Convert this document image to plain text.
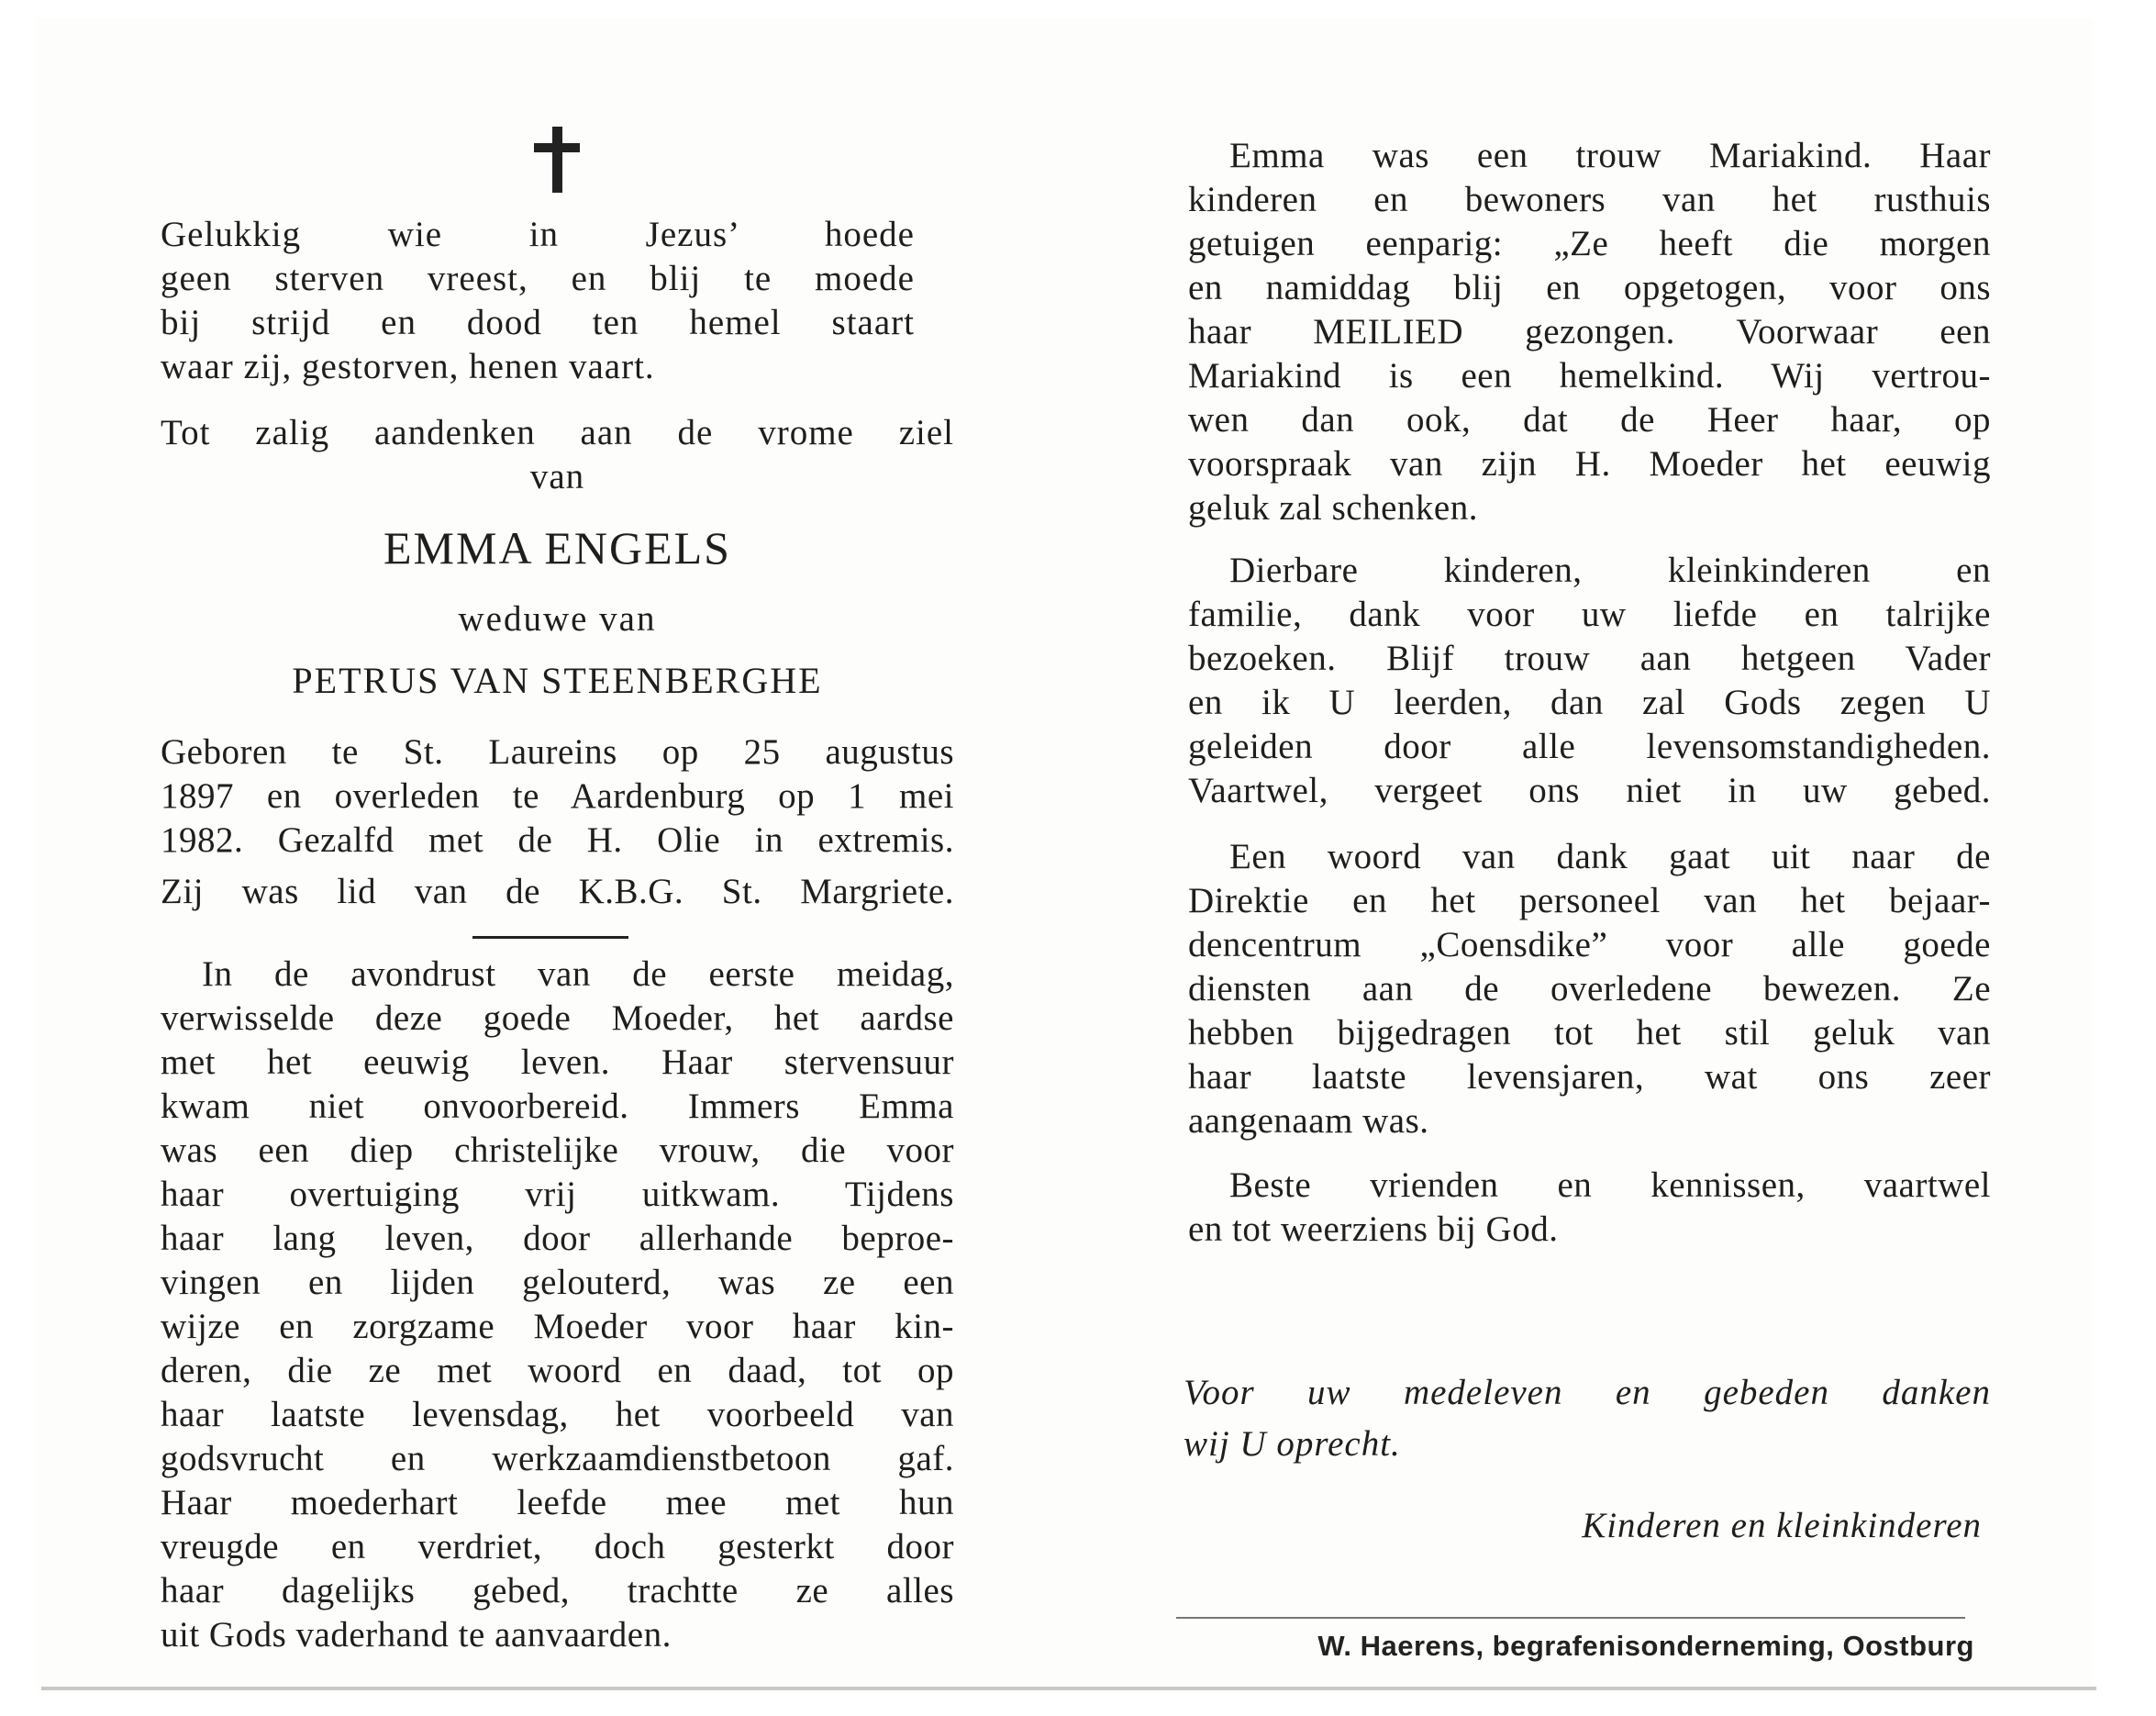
Gelukkig wie in Jezus’ hoede
geen sterven vreest, en blij te moede
bij strijd en dood ten hemel staart
waar zij, gestorven, henen vaart.
Tot zalig aandenken aan de vrome ziel
van
EMMA ENGELS
weduwe van
PETRUS VAN STEENBERGHE
Geboren te St. Laureins op 25 augustus
1897 en overleden te Aardenburg op 1 mei
1982. Gezalfd met de H. Olie in extremis.
Zij was lid van de K.B.G. St. Margriete.
In de avondrust van de eerste meidag,
verwisselde deze goede Moeder, het aardse
met het eeuwig leven. Haar stervensuur
kwam niet onvoorbereid. Immers Emma
was een diep christelijke vrouw, die voor
haar overtuiging vrij uitkwam. Tijdens
haar lang leven, door allerhande beproe-
vingen en lijden gelouterd, was ze een
wijze en zorgzame Moeder voor haar kin-
deren, die ze met woord en daad, tot op
haar laatste levensdag, het voorbeeld van
godsvrucht en werkzaamdienstbetoon gaf.
Haar moederhart leefde mee met hun
vreugde en verdriet, doch gesterkt door
haar dagelijks gebed, trachtte ze alles
uit Gods vaderhand te aanvaarden.
Emma was een trouw Mariakind. Haar
kinderen en bewoners van het rusthuis
getuigen eenparig: „Ze heeft die morgen
en namiddag blij en opgetogen, voor ons
haar MEILIED gezongen. Voorwaar een
Mariakind is een hemelkind. Wij vertrou-
wen dan ook, dat de Heer haar, op
voorspraak van zijn H. Moeder het eeuwig
geluk zal schenken.
Dierbare kinderen, kleinkinderen en
familie, dank voor uw liefde en talrijke
bezoeken. Blijf trouw aan hetgeen Vader
en ik U leerden, dan zal Gods zegen U
geleiden door alle levensomstandigheden.
Vaartwel, vergeet ons niet in uw gebed.
Een woord van dank gaat uit naar de
Direktie en het personeel van het bejaar-
dencentrum „Coensdike” voor alle goede
diensten aan de overledene bewezen. Ze
hebben bijgedragen tot het stil geluk van
haar laatste levensjaren, wat ons zeer
aangenaam was.
Beste vrienden en kennissen, vaartwel
en tot weerziens bij God.
Voor uw medeleven en gebeden danken
wij U oprecht.
Kinderen en kleinkinderen
W. Haerens, begrafenisonderneming, Oostburg
